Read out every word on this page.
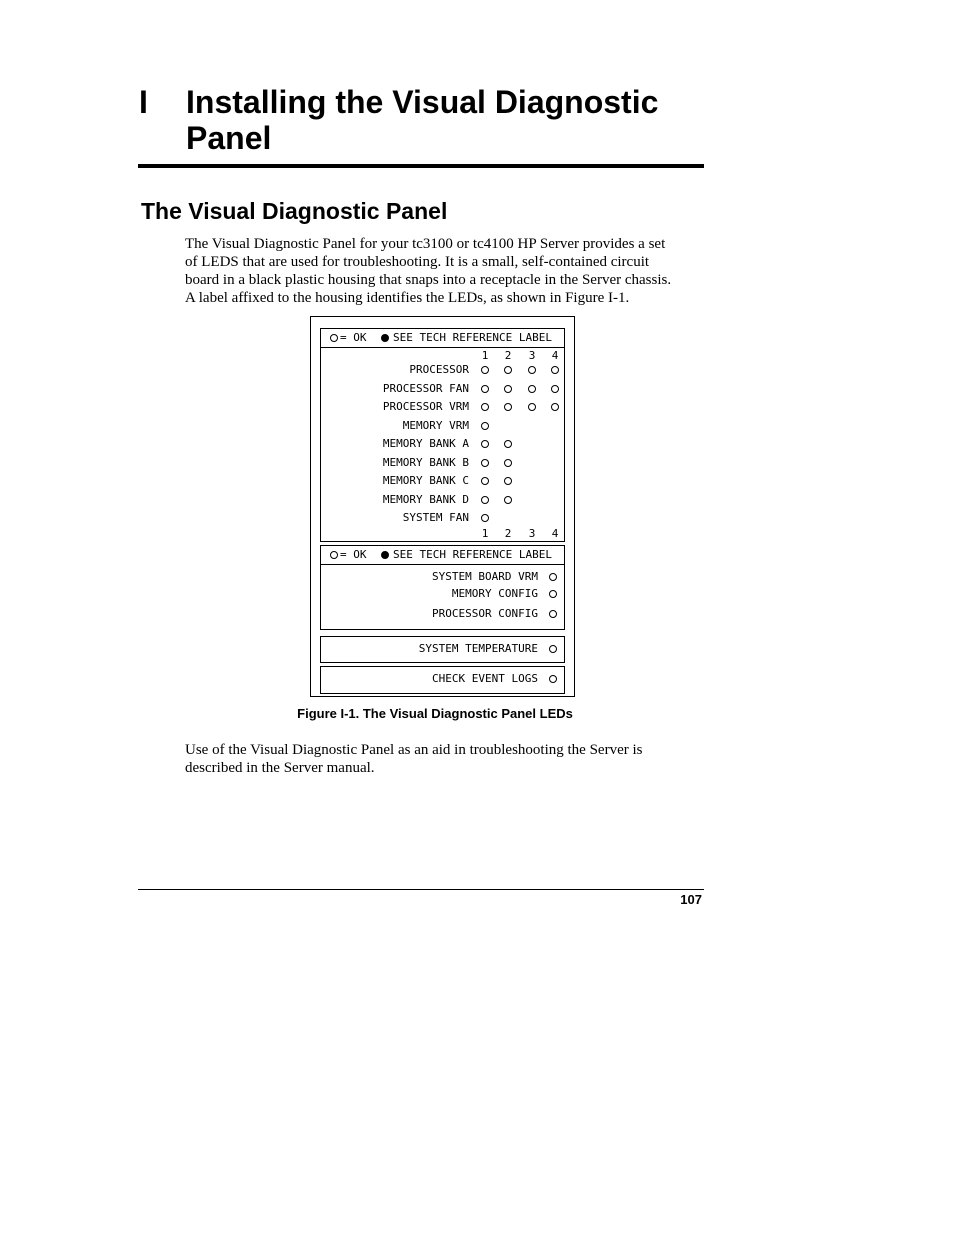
I Installing the Visual Diagnostic
Panel
The Visual Diagnostic Panel
The Visual Diagnostic Panel for your tc3100 or tc4100 HP Server provides a set
of LEDS that are used for troubleshooting. It is a small, self-contained circuit
board in a black plastic housing that snaps into a receptacle in the Server chassis.
A label affixed to the housing identifies the LEDs, as shown in Figure I-1.
= OK SEE TECH REFERENCE LABEL
1 2 3 4
PROCESSOR
PROCESSOR FAN
PROCESSOR VRM
MEMORY VRM
MEMORY BANK A
MEMORY BANK B
MEMORY BANK C
MEMORY BANK D
SYSTEM FAN
1 2 3 4
= OK SEE TECH REFERENCE LABEL
SYSTEM BOARD VRM
MEMORY CONFIG
PROCESSOR CONFIG
SYSTEM TEMPERATURE
CHECK EVENT LOGS
Figure I-1. The Visual Diagnostic Panel LEDs
Use of the Visual Diagnostic Panel as an aid in troubleshooting the Server is
described in the Server manual.
107
